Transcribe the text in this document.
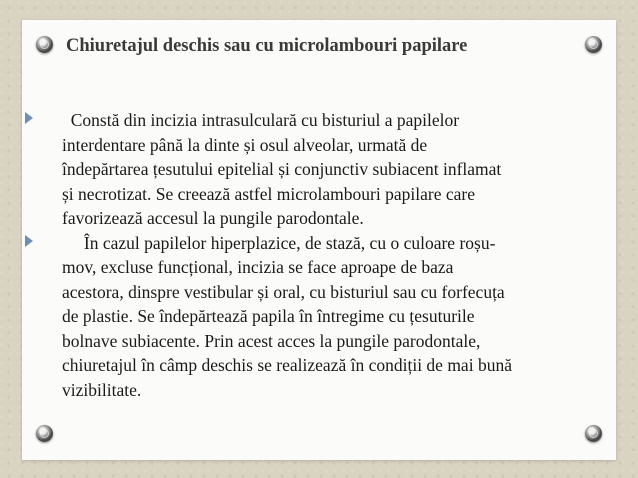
Chiuretajul deschis sau cu microlambouri papilare
Constă din incizia intrasulculară cu bisturiul a papilelor
interdentare până la dinte și osul alveolar, urmată de
îndepărtarea țesutului epitelial și conjunctiv subiacent inflamat
și necrotizat. Se creează astfel microlambouri papilare care
favorizează accesul la pungile parodontale.
În cazul papilelor hiperplazice, de stază, cu o culoare roșu-
mov, excluse funcțional, incizia se face aproape de baza
acestora, dinspre vestibular și oral, cu bisturiul sau cu forfecuța
de plastie. Se îndepărtează papila în întregime cu țesuturile
bolnave subiacente. Prin acest acces la pungile parodontale,
chiuretajul în câmp deschis se realizează în condiții de mai bună
vizibilitate.
